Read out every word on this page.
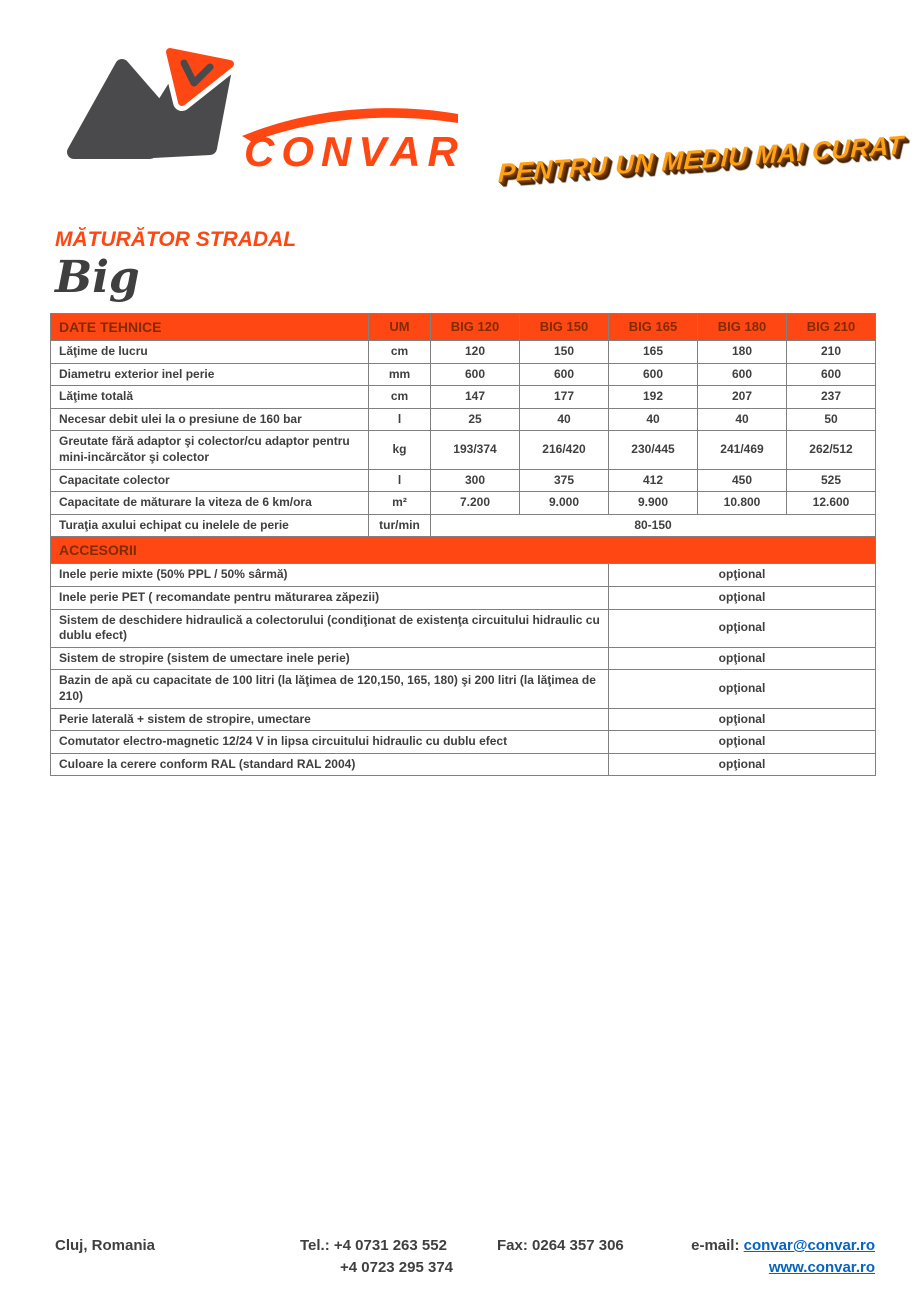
CONVAR PENTRU UN MEDIU MAI CURAT
MĂTURĂTOR STRADAL
Big
DATE TEHNICE	UM	BIG 120	BIG 150	BIG 165	BIG 180	BIG 210
Lăţime de lucru	cm	120	150	165	180	210
Diametru exterior inel perie	mm	600	600	600	600	600
Lăţime totală	cm	147	177	192	207	237
Necesar debit ulei la o presiune de 160 bar	l	25	40	40	40	50
Greutate fără adaptor şi colector/cu adaptor pentru mini-incărcător şi colector	kg	193/374	216/420	230/445	241/469	262/512
Capacitate colector	l	300	375	412	450	525
Capacitate de măturare la viteza de 6 km/ora	m²	7.200	9.000	9.900	10.800	12.600
Turaţia axului echipat cu inelele de perie	tur/min	80-150				
ACCESORII						
Inele perie mixte (50% PPL / 50% sârmă)				opţional		
Inele perie PET ( recomandate pentru măturarea zăpezii)				opţional		
Sistem de deschidere hidraulică a colectorului (condiţionat de existenţa circuitului hidraulic cu dublu efect)				opţional		
Sistem de stropire (sistem de umectare inele perie)				opţional		
Bazin de apă cu capacitate de 100 litri (la lăţimea de 120,150, 165, 180) şi 200 litri (la lăţimea de 210)				opţional		
Perie laterală + sistem de stropire, umectare				opţional		
Comutator electro-magnetic 12/24 V in lipsa circuitului hidraulic cu dublu efect				opţional		
Culoare la cerere conform RAL (standard RAL 2004)				opţional		
Cluj, Romania	Tel.: +4 0731 263 552
+4 0723 295 374
Fax: 0264 357 306	e-mail: convar@convar.ro
www.convar.ro
